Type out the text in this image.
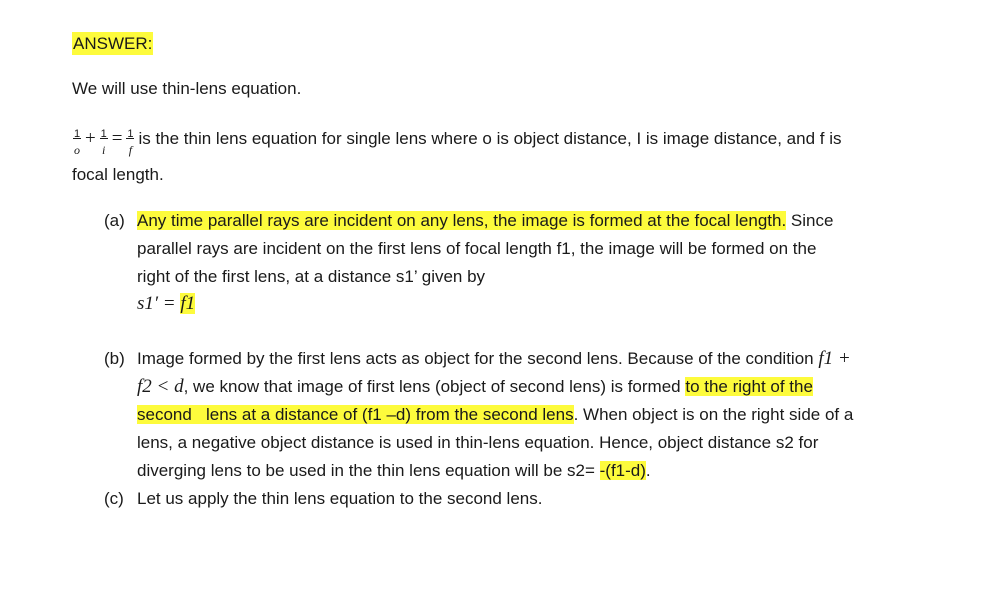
ANSWER:
We will use thin-lens equation.
$\frac{1}{o} + \frac{1}{i} = \frac{1}{f}$ is the thin lens equation for single lens where o is object distance, I is image distance, and f is
focal length.
(a) Any time parallel rays are incident on any lens, the image is formed at the focal length. Since
parallel rays are incident on the first lens of focal length f1, the image will be formed on the
right of the first lens, at a distance s1’ given by
s1′ = f1
(b) Image formed by the first lens acts as object for the second lens. Because of the condition f1 +
f2 < d, we know that image of first lens (object of second lens) is formed to the right of the
second   lens at a distance of (f1 –d) from the second lens. When object is on the right side of a
lens, a negative object distance is used in thin-lens equation. Hence, object distance s2 for
diverging lens to be used in the thin lens equation will be s2= -(f1-d).
(c) Let us apply the thin lens equation to the second lens.
